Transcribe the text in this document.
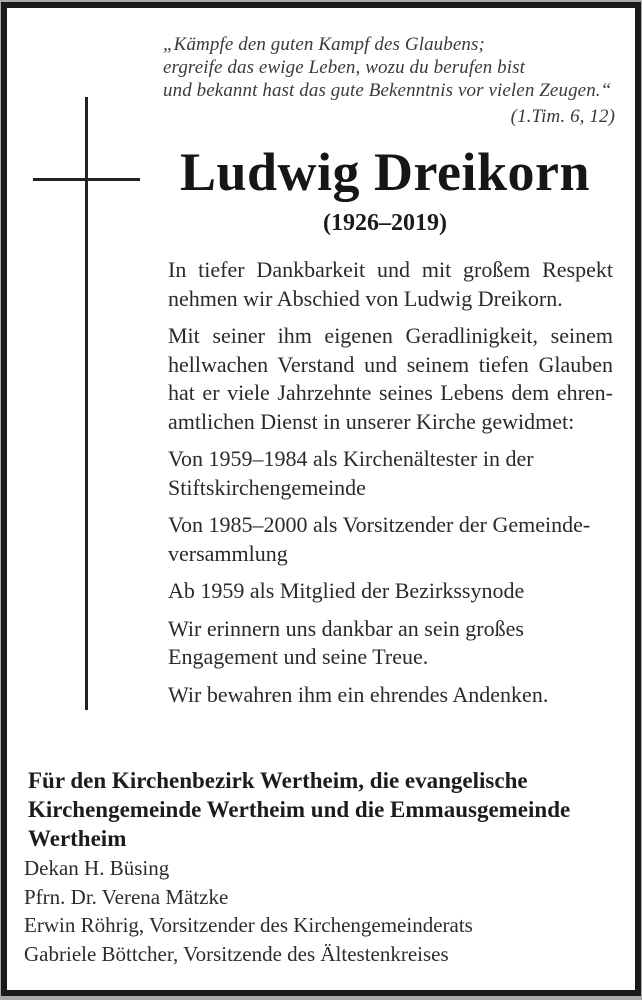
„Kämpfe den guten Kampf des Glaubens;
ergreife das ewige Leben, wozu du berufen bist
und bekannt hast das gute Bekenntnis vor vielen Zeugen.“
(1.Tim. 6, 12)
Ludwig Dreikorn
(1926–2019)
In tiefer Dankbarkeit und mit großem Respekt
nehmen wir Abschied von Ludwig Dreikorn.
Mit seiner ihm eigenen Geradlinigkeit, seinem
hellwachen Verstand und seinem tiefen Glauben
hat er viele Jahrzehnte seines Lebens dem ehren-
amtlichen Dienst in unserer Kirche gewidmet:
Von 1959–1984 als Kirchenältester in der
Stiftskirchengemeinde
Von 1985–2000 als Vorsitzender der Gemeinde-
versammlung
Ab 1959 als Mitglied der Bezirkssynode
Wir erinnern uns dankbar an sein großes
Engagement und seine Treue.
Wir bewahren ihm ein ehrendes Andenken.
Für den Kirchenbezirk Wertheim, die evangelische
Kirchengemeinde Wertheim und die Emmausgemeinde
Wertheim
Dekan H. Büsing
Pfrn. Dr. Verena Mätzke
Erwin Röhrig, Vorsitzender des Kirchengemeinderats
Gabriele Böttcher, Vorsitzende des Ältestenkreises
